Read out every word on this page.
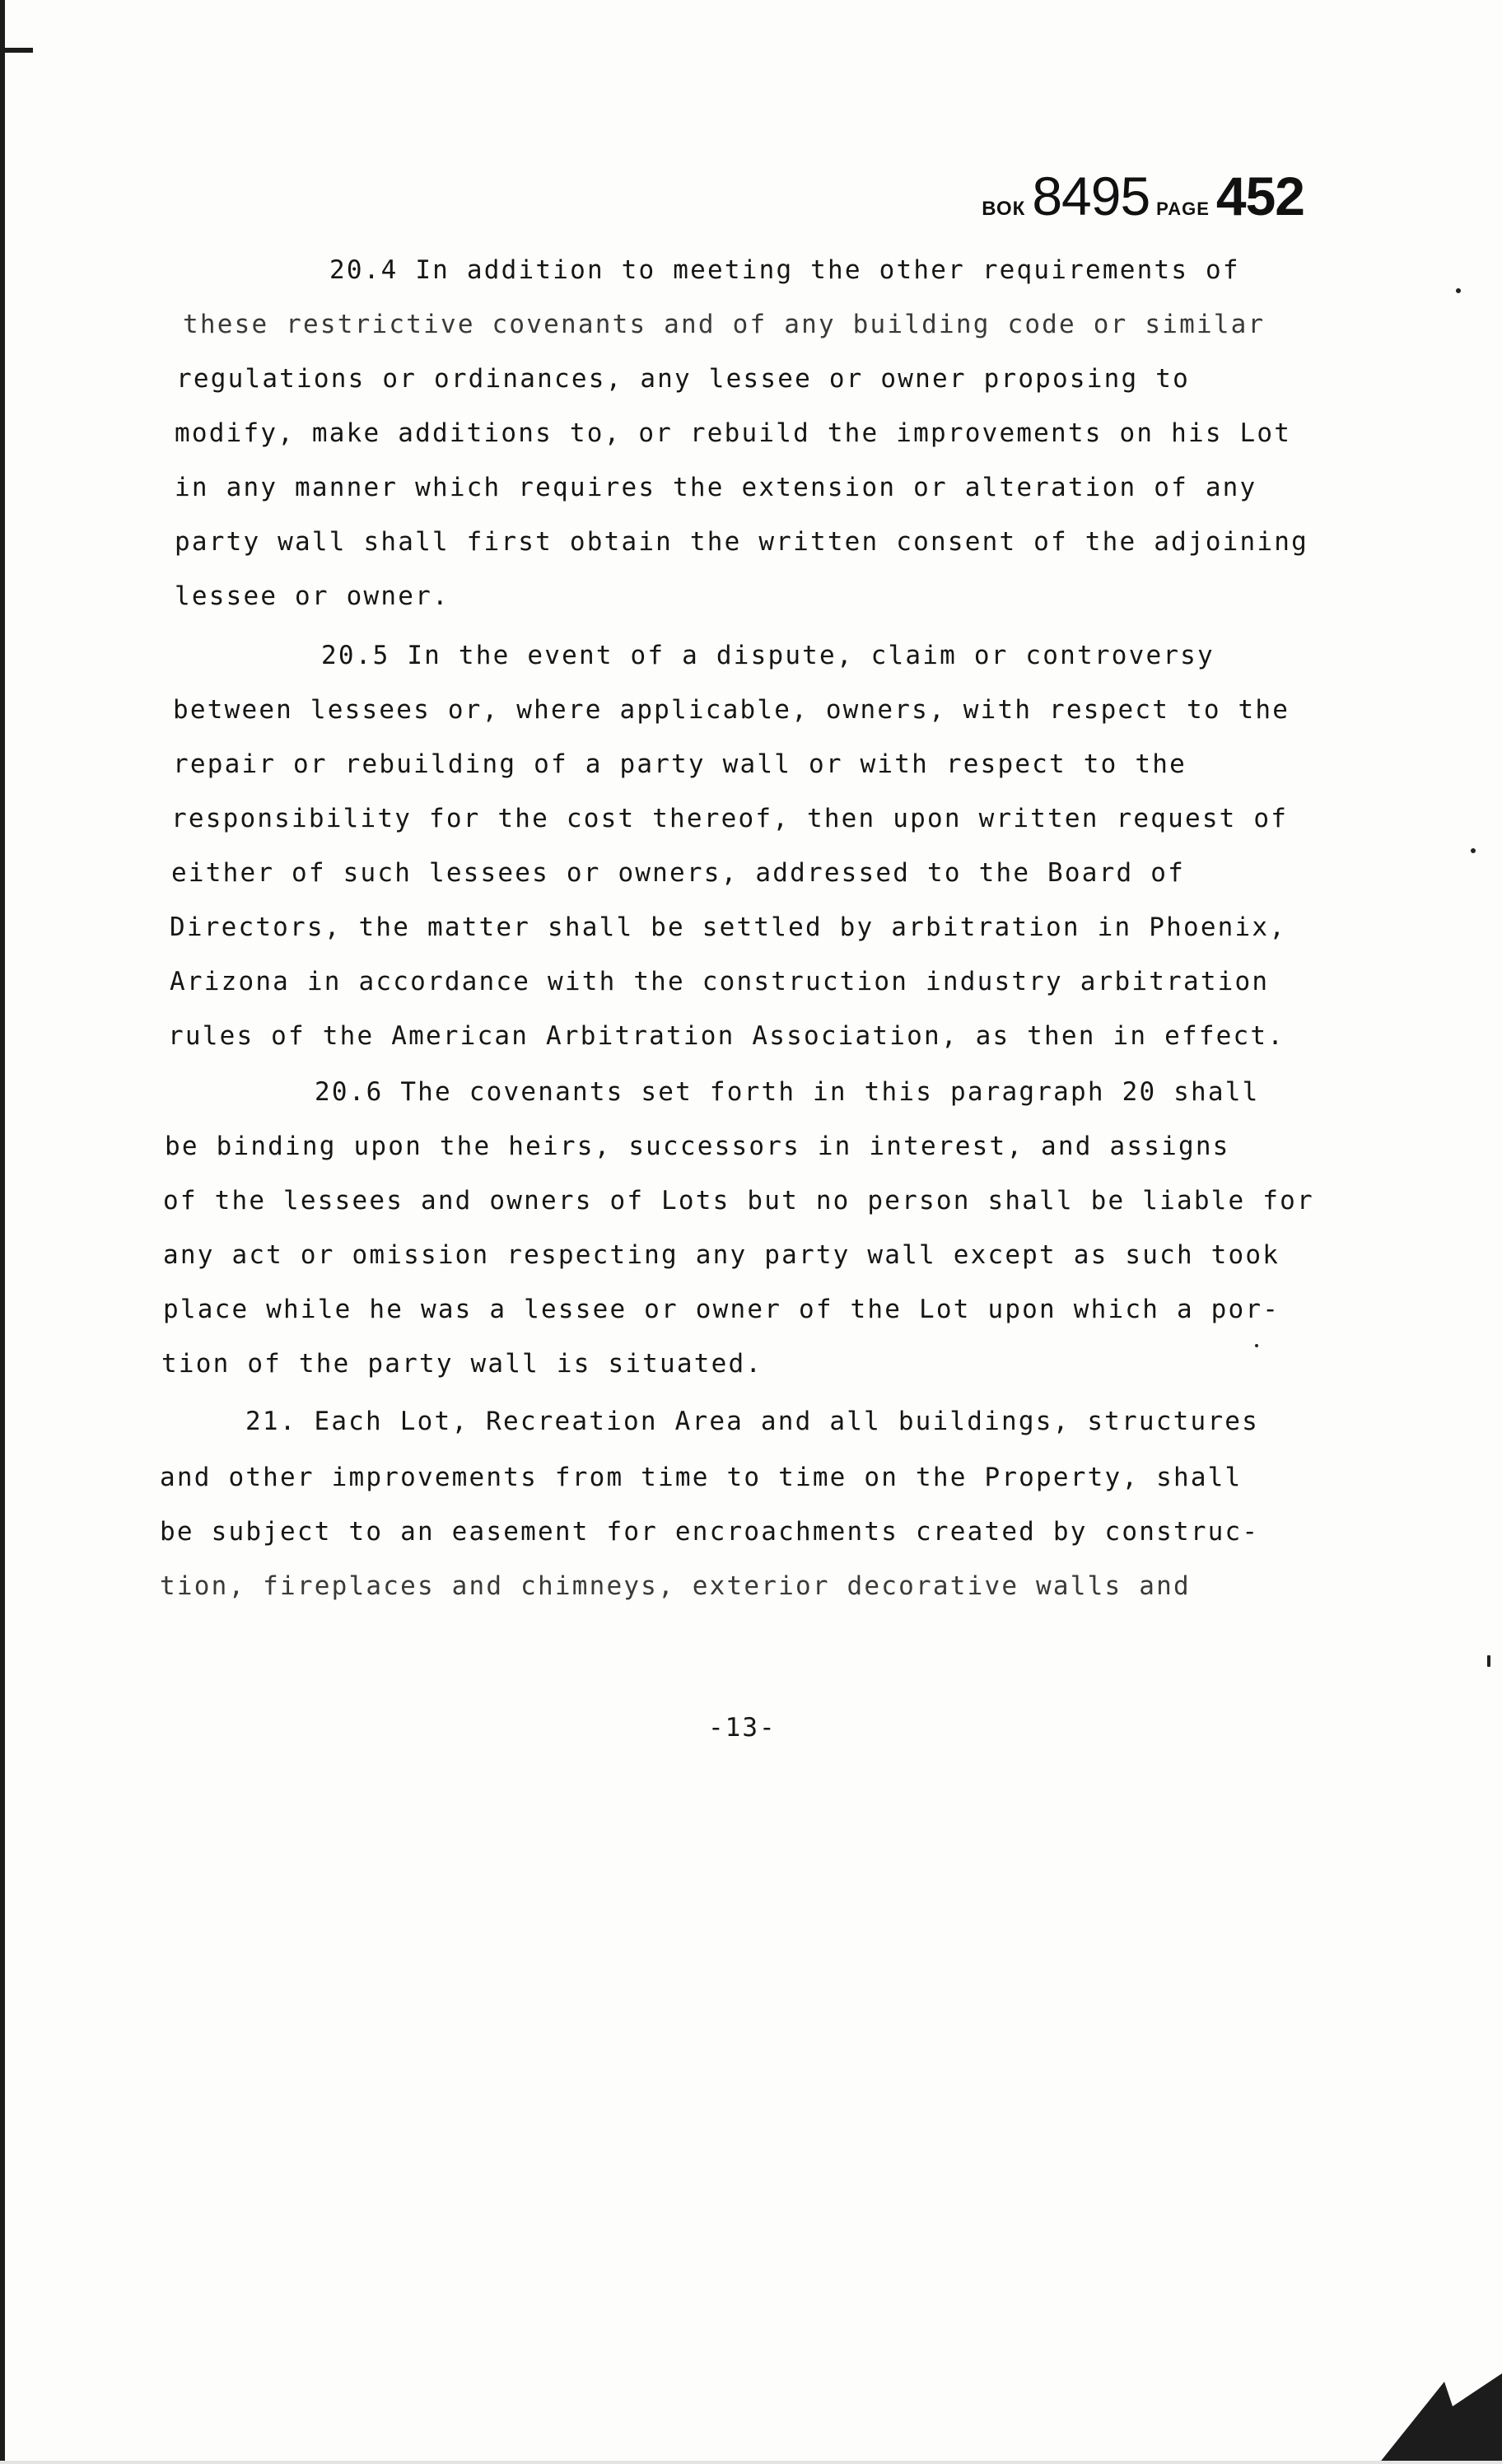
ВОК 8495 PAGE 452
20.4 In addition to meeting the other requirements of
these restrictive covenants and of any building code or similar
regulations or ordinances, any lessee or owner proposing to
modify, make additions to, or rebuild the improvements on his Lot
in any manner which requires the extension or alteration of any
party wall shall first obtain the written consent of the adjoining
lessee or owner.
20.5 In the event of a dispute, claim or controversy
between lessees or, where applicable, owners, with respect to the
repair or rebuilding of a party wall or with respect to the
responsibility for the cost thereof, then upon written request of
either of such lessees or owners, addressed to the Board of
Directors, the matter shall be settled by arbitration in Phoenix,
Arizona in accordance with the construction industry arbitration
rules of the American Arbitration Association, as then in effect.
20.6 The covenants set forth in this paragraph 20 shall
be binding upon the heirs, successors in interest, and assigns
of the lessees and owners of Lots but no person shall be liable for
any act or omission respecting any party wall except as such took
place while he was a lessee or owner of the Lot upon which a por-
tion of the party wall is situated.
21. Each Lot, Recreation Area and all buildings, structures
and other improvements from time to time on the Property, shall
be subject to an easement for encroachments created by construc-
tion, fireplaces and chimneys, exterior decorative walls and
-13-
